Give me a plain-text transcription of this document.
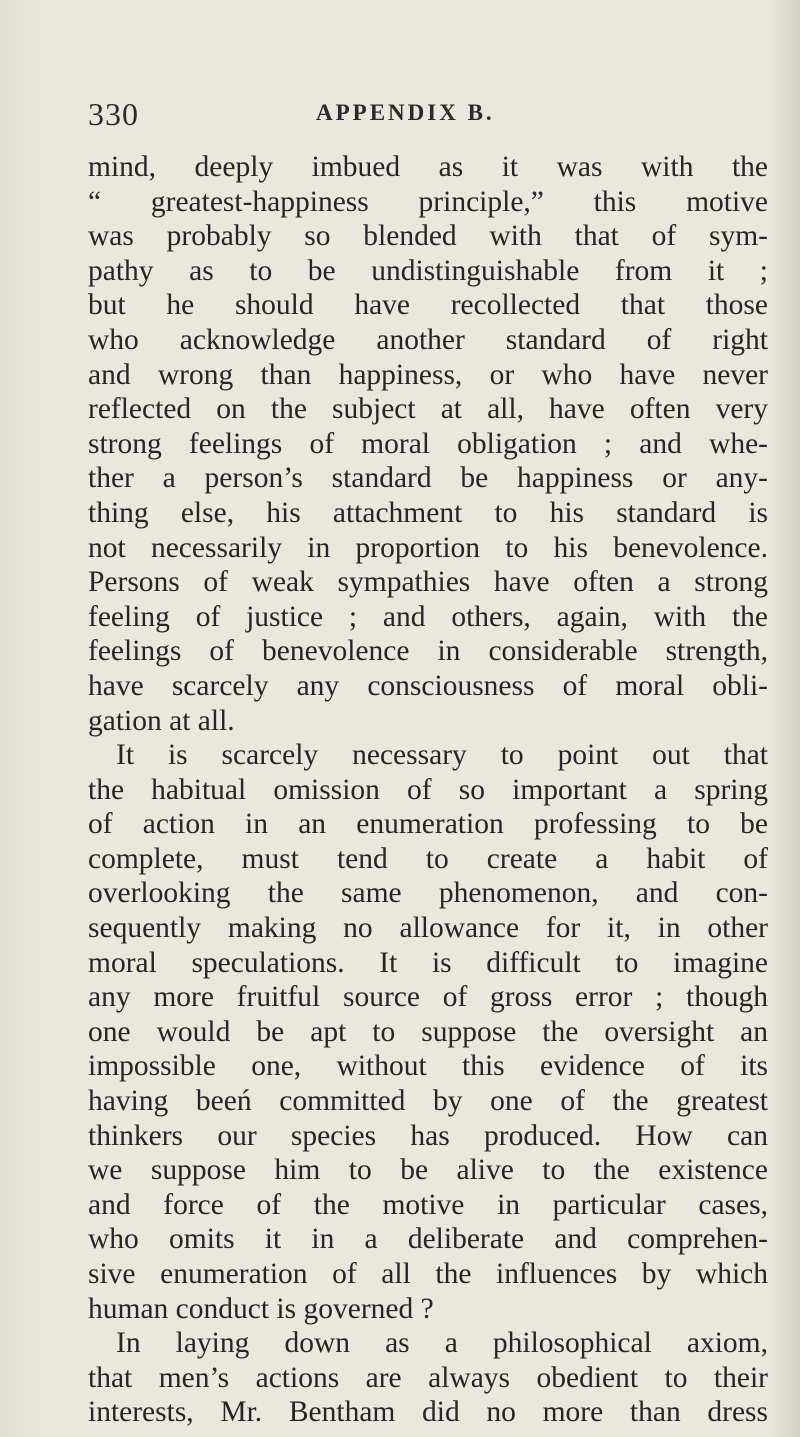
330	APPENDIX B.
mind, deeply imbued as it was with the
“ greatest-happiness principle,” this motive
was probably so blended with that of sym-
pathy as to be undistinguishable from it ;
but he should have recollected that those
who acknowledge another standard of right
and wrong than happiness, or who have never
reflected on the subject at all, have often very
strong feelings of moral obligation ; and whe-
ther a person’s standard be happiness or any-
thing else, his attachment to his standard is
not necessarily in proportion to his benevolence.
Persons of weak sympathies have often a strong
feeling of justice ; and others, again, with the
feelings of benevolence in considerable strength,
have scarcely any consciousness of moral obli-
gation at all.
It is scarcely necessary to point out that
the habitual omission of so important a spring
of action in an enumeration professing to be
complete, must tend to create a habit of
overlooking the same phenomenon, and con-
sequently making no allowance for it, in other
moral speculations. It is difficult to imagine
any more fruitful source of gross error ; though
one would be apt to suppose the oversight an
impossible one, without this evidence of its
having beeń committed by one of the greatest
thinkers our species has produced. How can
we suppose him to be alive to the existence
and force of the motive in particular cases,
who omits it in a deliberate and comprehen-
sive enumeration of all the influences by which
human conduct is governed ?
In laying down as a philosophical axiom,
that men’s actions are always obedient to their
interests, Mr. Bentham did no more than dress
